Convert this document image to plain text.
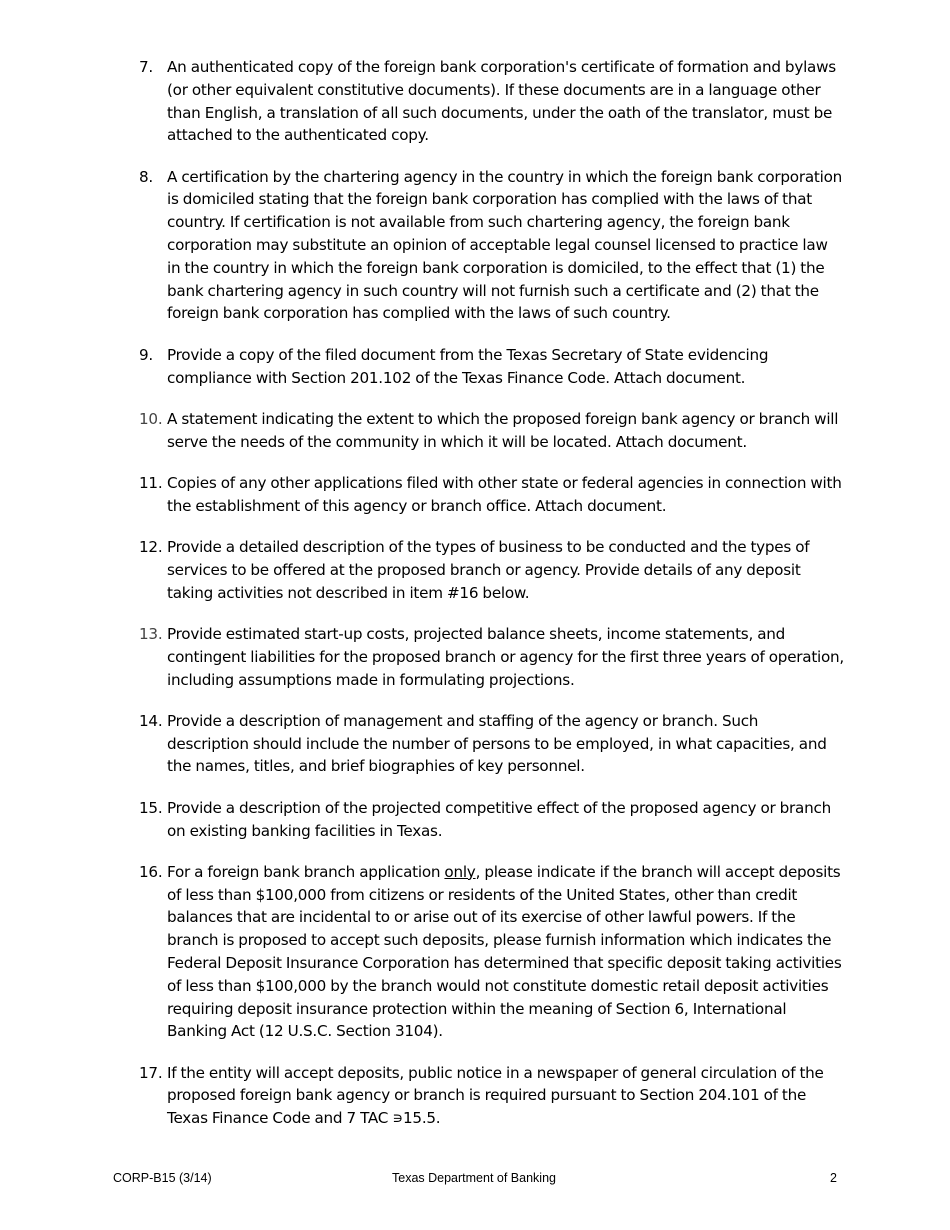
7. An authenticated copy of the foreign bank corporation's certificate of formation and bylaws (or other equivalent constitutive documents). If these documents are in a language other than English, a translation of all such documents, under the oath of the translator, must be attached to the authenticated copy.
8. A certification by the chartering agency in the country in which the foreign bank corporation is domiciled stating that the foreign bank corporation has complied with the laws of that country. If certification is not available from such chartering agency, the foreign bank corporation may substitute an opinion of acceptable legal counsel licensed to practice law in the country in which the foreign bank corporation is domiciled, to the effect that (1) the bank chartering agency in such country will not furnish such a certificate and (2) that the foreign bank corporation has complied with the laws of such country.
9. Provide a copy of the filed document from the Texas Secretary of State evidencing compliance with Section 201.102 of the Texas Finance Code. Attach document.
10. A statement indicating the extent to which the proposed foreign bank agency or branch will serve the needs of the community in which it will be located. Attach document.
11. Copies of any other applications filed with other state or federal agencies in connection with the establishment of this agency or branch office. Attach document.
12. Provide a detailed description of the types of business to be conducted and the types of services to be offered at the proposed branch or agency. Provide details of any deposit taking activities not described in item #16 below.
13. Provide estimated start-up costs, projected balance sheets, income statements, and contingent liabilities for the proposed branch or agency for the first three years of operation, including assumptions made in formulating projections.
14. Provide a description of management and staffing of the agency or branch. Such description should include the number of persons to be employed, in what capacities, and the names, titles, and brief biographies of key personnel.
15. Provide a description of the projected competitive effect of the proposed agency or branch on existing banking facilities in Texas.
16. For a foreign bank branch application only, please indicate if the branch will accept deposits of less than $100,000 from citizens or residents of the United States, other than credit balances that are incidental to or arise out of its exercise of other lawful powers. If the branch is proposed to accept such deposits, please furnish information which indicates the Federal Deposit Insurance Corporation has determined that specific deposit taking activities of less than $100,000 by the branch would not constitute domestic retail deposit activities requiring deposit insurance protection within the meaning of Section 6, International Banking Act (12 U.S.C. Section 3104).
17. If the entity will accept deposits, public notice in a newspaper of general circulation of the proposed foreign bank agency or branch is required pursuant to Section 204.101 of the Texas Finance Code and 7 TAC ∍15.5.
CORP-B15 (3/14)	Texas Department of Banking	2
